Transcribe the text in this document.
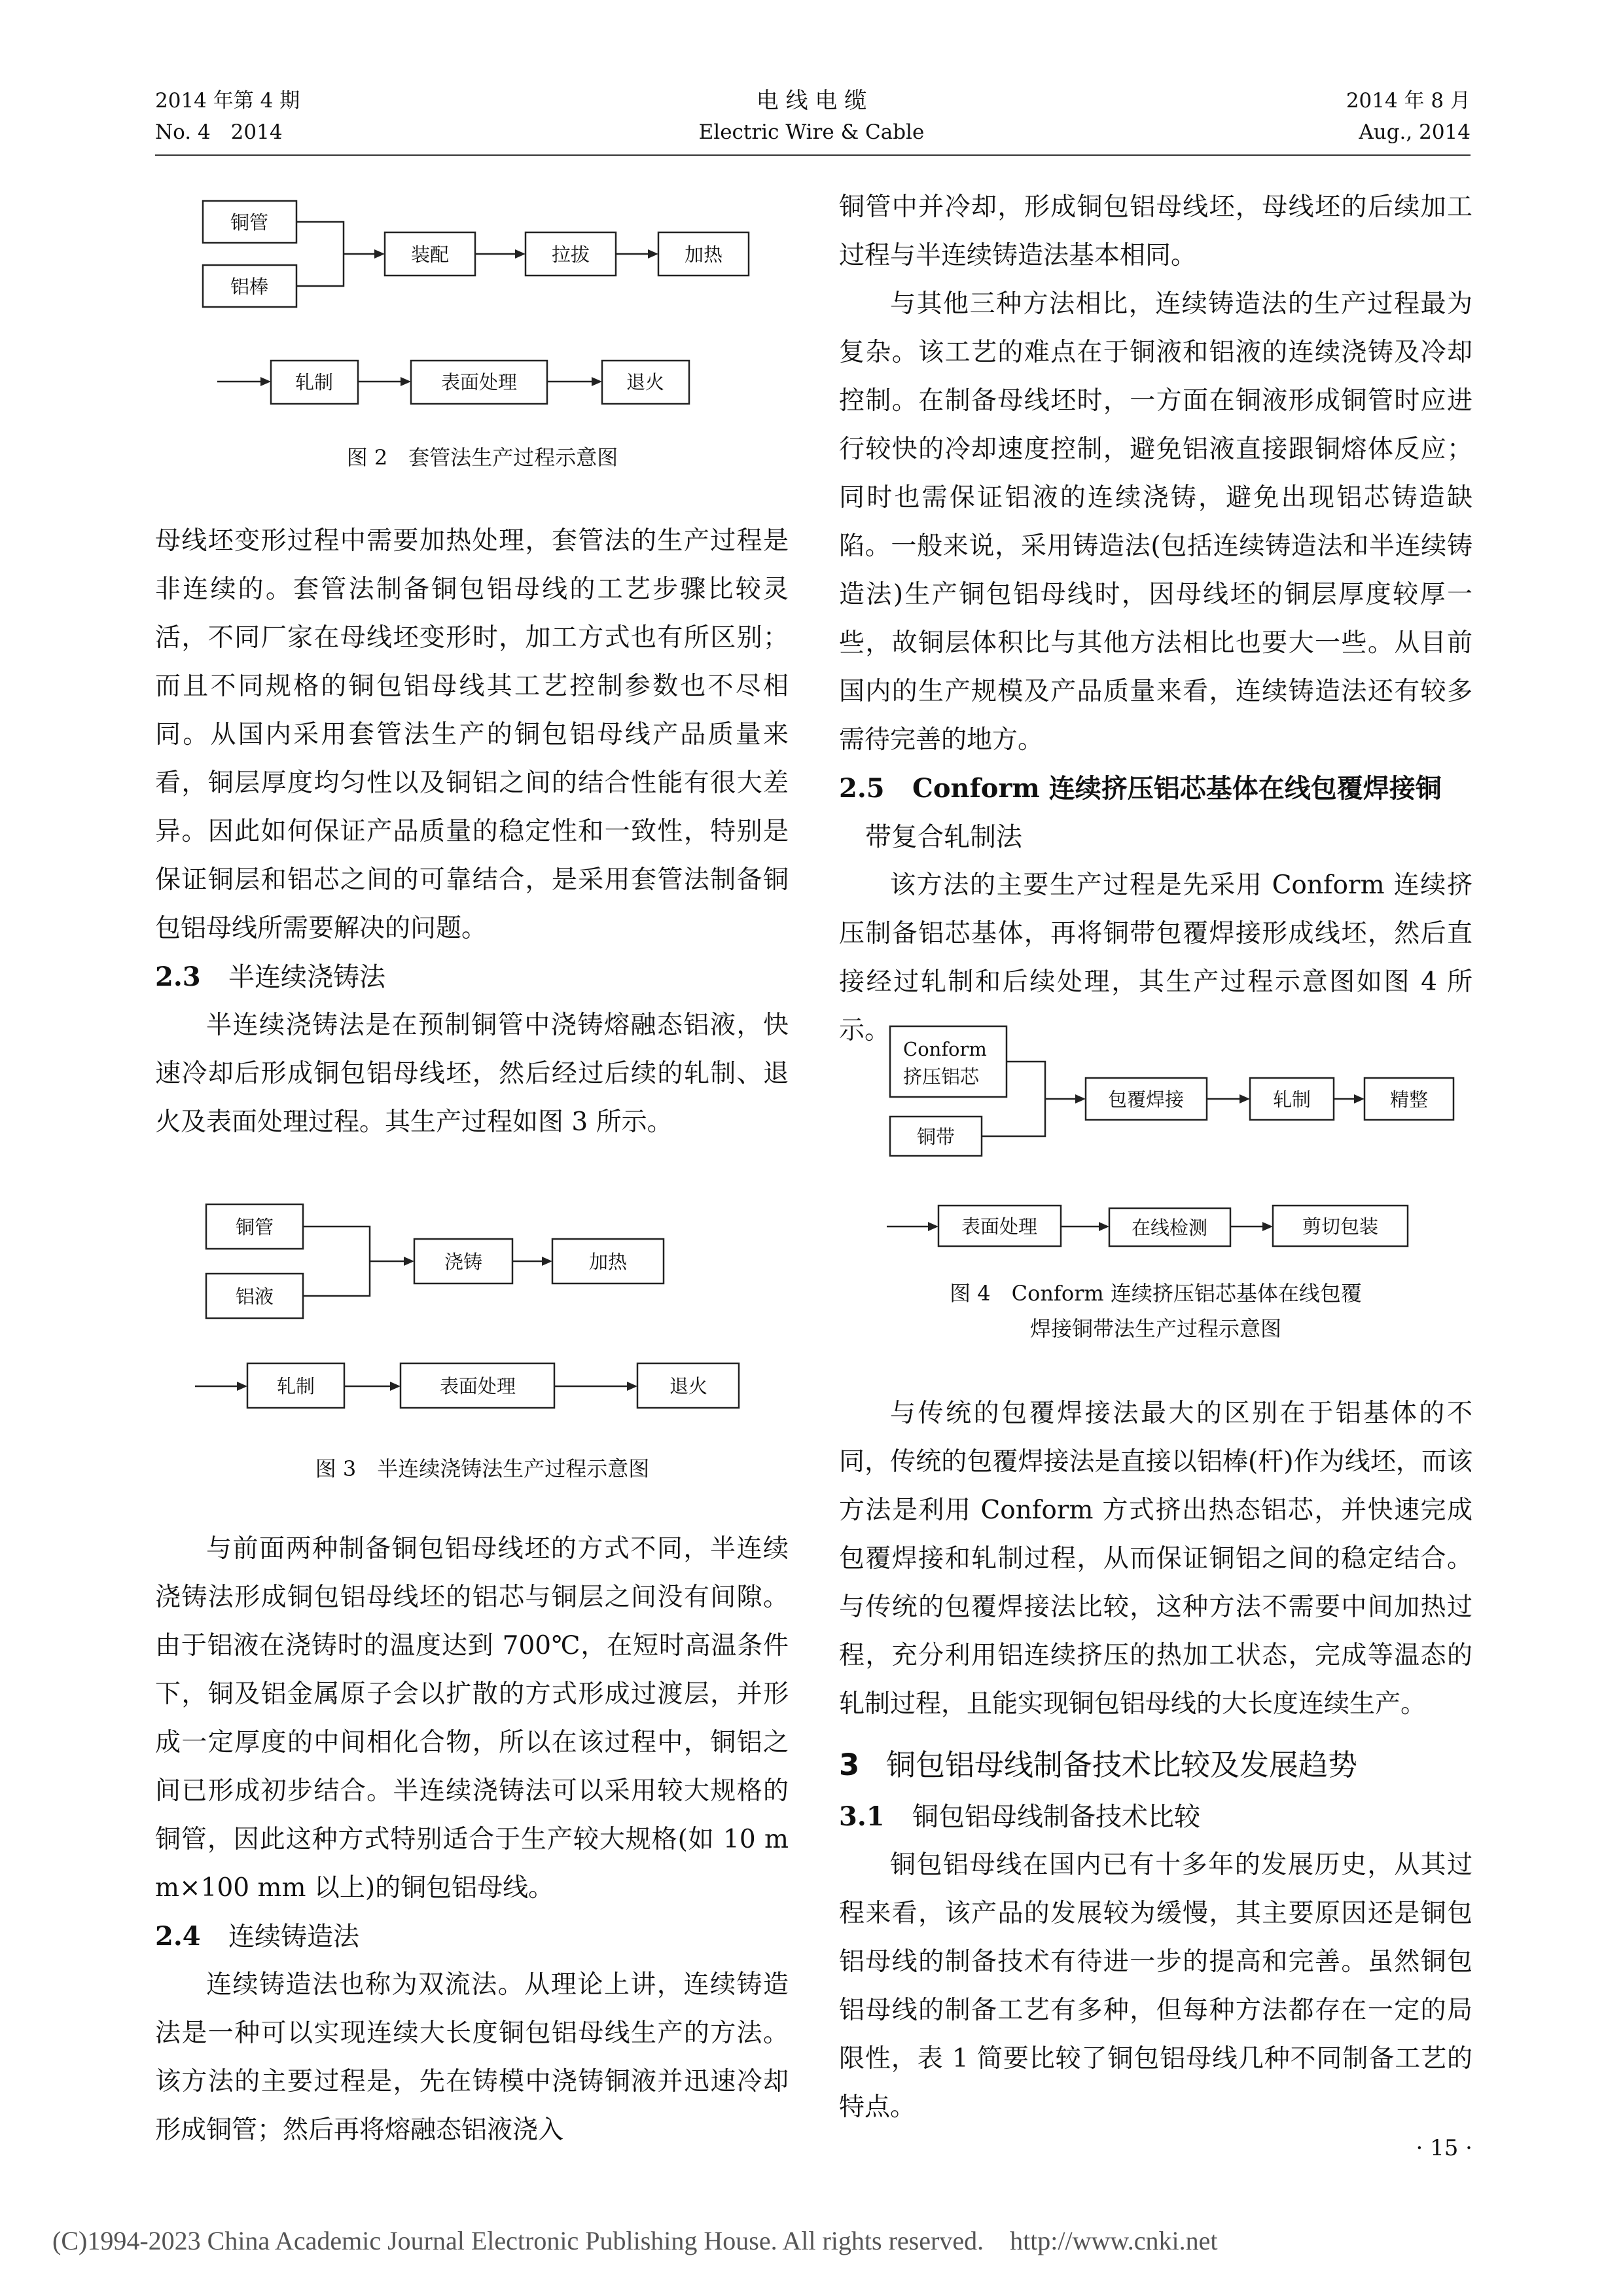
2014 年第 4 期
No. 4　2014
电 线 电 缆
Electric Wire & Cable
2014 年 8 月
Aug., 2014
铜管
铝棒
装配	拉拔	加热
轧制	表面处理	退火
图 2　套管法生产过程示意图

母线坯变形过程中需要加热处理，套管法的生产过程是非连续的。套管法制备铜包铝母线的工艺步骤比较灵活，不同厂家在母线坯变形时，加工方式也有所区别；而且不同规格的铜包铝母线其工艺控制参数也不尽相同。从国内采用套管法生产的铜包铝母线产品质量来看，铜层厚度均匀性以及铜铝之间的结合性能有很大差异。因此如何保证产品质量的稳定性和一致性，特别是保证铜层和铝芯之间的可靠结合，是采用套管法制备铜包铝母线所需要解决的问题。

2.3 半连续浇铸法

半连续浇铸法是在预制铜管中浇铸熔融态铝液，快速冷却后形成铜包铝母线坯，然后经过后续的轧制、退火及表面处理过程。其生产过程如图 3 所示。

铜管
铝液
浇铸	加热
轧制	表面处理	退火
图 3　半连续浇铸法生产过程示意图

与前面两种制备铜包铝母线坯的方式不同，半连续浇铸法形成铜包铝母线坯的铝芯与铜层之间没有间隙。由于铝液在浇铸时的温度达到 700℃，在短时高温条件下，铜及铝金属原子会以扩散的方式形成过渡层，并形成一定厚度的中间相化合物，所以在该过程中，铜铝之间已形成初步结合。半连续浇铸法可以采用较大规格的铜管，因此这种方式特别适合于生产较大规格(如 10 mm×100 mm 以上)的铜包铝母线。

2.4 连续铸造法

连续铸造法也称为双流法。从理论上讲，连续铸造法是一种可以实现连续大长度铜包铝母线生产的方法。该方法的主要过程是，先在铸模中浇铸铜液并迅速冷却形成铜管；然后再将熔融态铝液浇入

铜管中并冷却，形成铜包铝母线坯，母线坯的后续加工过程与半连续铸造法基本相同。

与其他三种方法相比，连续铸造法的生产过程最为复杂。该工艺的难点在于铜液和铝液的连续浇铸及冷却控制。在制备母线坯时，一方面在铜液形成铜管时应进行较快的冷却速度控制，避免铝液直接跟铜熔体反应；同时也需保证铝液的连续浇铸，避免出现铝芯铸造缺陷。一般来说，采用铸造法(包括连续铸造法和半连续铸造法)生产铜包铝母线时，因母线坯的铜层厚度较厚一些，故铜层体积比与其他方法相比也要大一些。从目前国内的生产规模及产品质量来看，连续铸造法还有较多需待完善的地方。

2.5 Conform 连续挤压铝芯基体在线包覆焊接铜
带复合轧制法

该方法的主要生产过程是先采用 Conform 连续挤压制备铝芯基体，再将铜带包覆焊接形成线坯，然后直接经过轧制和后续处理，其生产过程示意图如图 4 所示。

Conform
挤压铝芯
铜带
包覆焊接	轧制	精整
表面处理	在线检测	剪切包装
图 4　Conform 连续挤压铝芯基体在线包覆
焊接铜带法生产过程示意图

与传统的包覆焊接法最大的区别在于铝基体的不同，传统的包覆焊接法是直接以铝棒(杆)作为线坯，而该方法是利用 Conform 方式挤出热态铝芯，并快速完成包覆焊接和轧制过程，从而保证铜铝之间的稳定结合。与传统的包覆焊接法比较，这种方法不需要中间加热过程，充分利用铝连续挤压的热加工状态，完成等温态的轧制过程，且能实现铜包铝母线的大长度连续生产。

3 铜包铝母线制备技术比较及发展趋势

3.1 铜包铝母线制备技术比较

铜包铝母线在国内已有十多年的发展历史，从其过程来看，该产品的发展较为缓慢，其主要原因还是铜包铝母线的制备技术有待进一步的提高和完善。虽然铜包铝母线的制备工艺有多种，但每种方法都存在一定的局限性，表 1 简要比较了铜包铝母线几种不同制备工艺的特点。

· 15 ·
(C)1994-2023 China Academic Journal Electronic Publishing House. All rights reserved.　http://www.cnki.net
